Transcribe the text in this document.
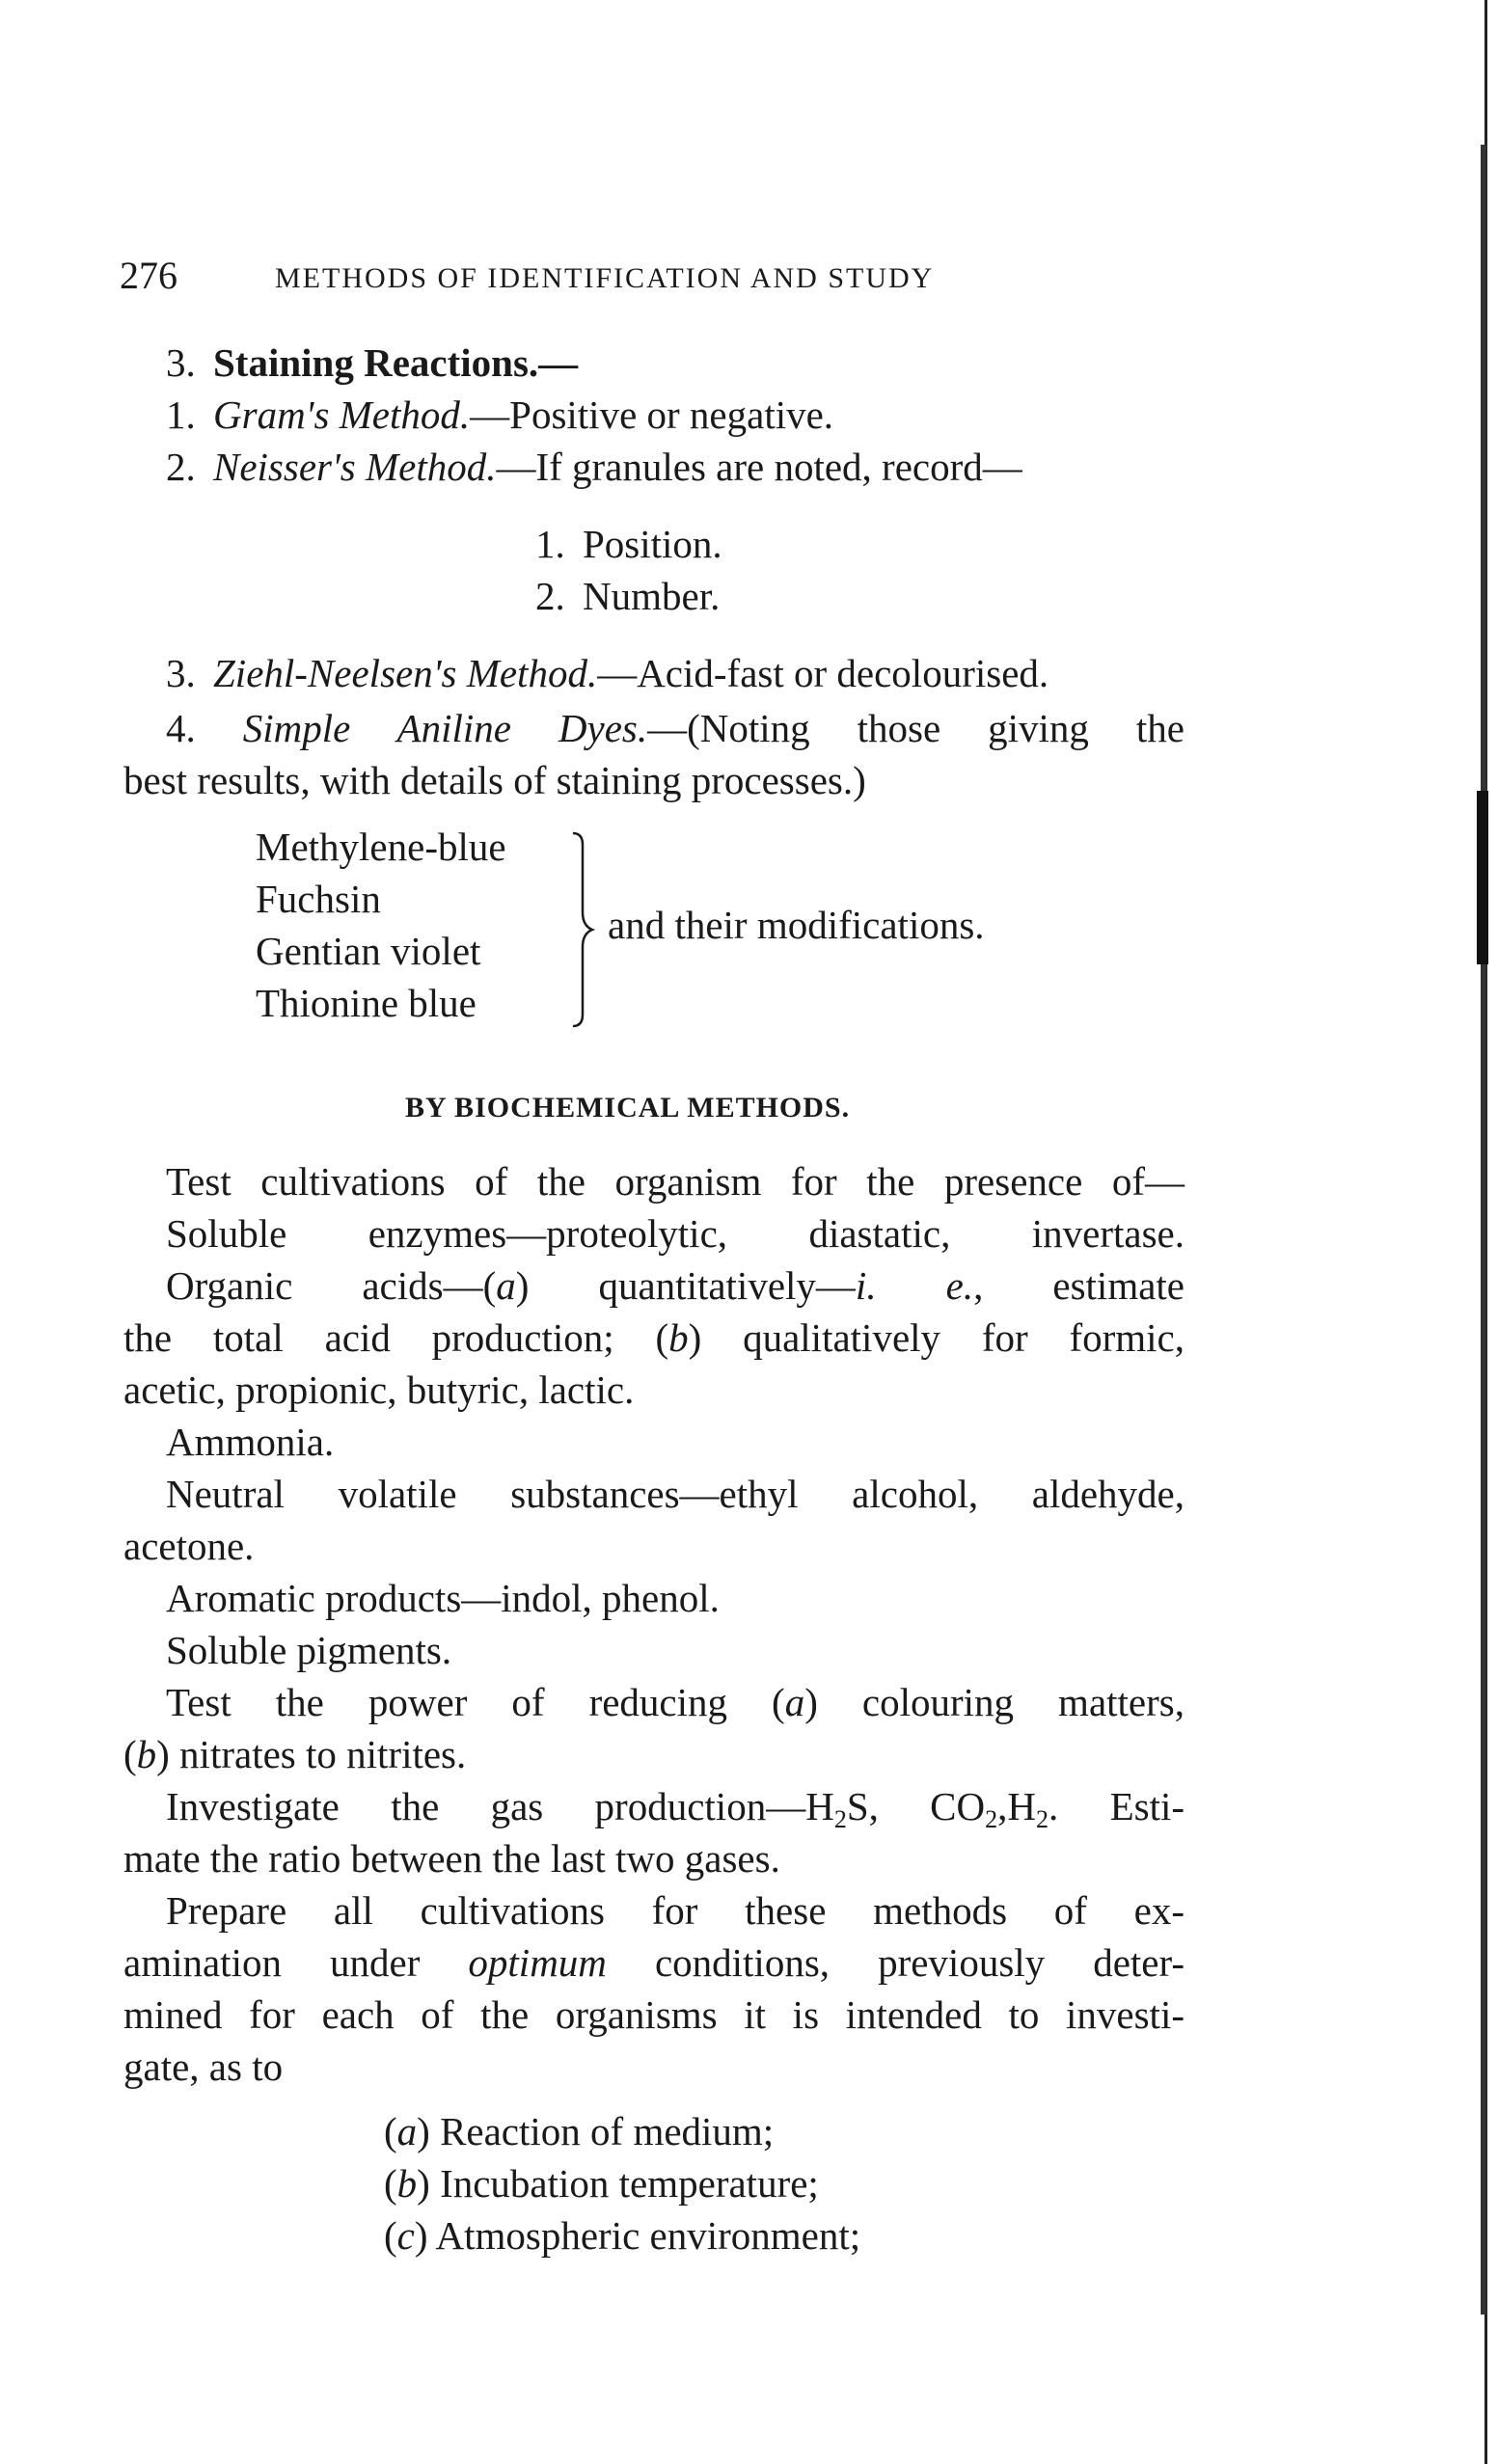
276	METHODS OF IDENTIFICATION AND STUDY
3. Staining Reactions.—
1. Gram's Method.—Positive or negative.
2. Neisser's Method.—If granules are noted, record—
1. Position.
2. Number.
3. Ziehl-Neelsen's Method.—Acid-fast or decolourised.
4. Simple Aniline Dyes.—(Noting those giving the
best results, with details of staining processes.)
Methylene-blue
Fuchsin
Gentian violet
Thionine blue
and their modifications.
BY BIOCHEMICAL METHODS.
Test cultivations of the organism for the presence of—
Soluble enzymes—proteolytic, diastatic, invertase.
Organic acids—(a) quantitatively—i. e., estimate
the total acid production; (b) qualitatively for formic,
acetic, propionic, butyric, lactic.
Ammonia.
Neutral volatile substances—ethyl alcohol, aldehyde,
acetone.
Aromatic products—indol, phenol.
Soluble pigments.
Test the power of reducing (a) colouring matters,
(b) nitrates to nitrites.
Investigate the gas $production—H_2S$, $CO_2,H_2$. Esti-
mate the ratio between the last two gases.
Prepare all cultivations for these methods of ex-
amination under optimum conditions, previously deter-
mined for each of the organisms it is intended to investi-
gate, as to
(a) Reaction of medium;
(b) Incubation temperature;
(c) Atmospheric environment;
